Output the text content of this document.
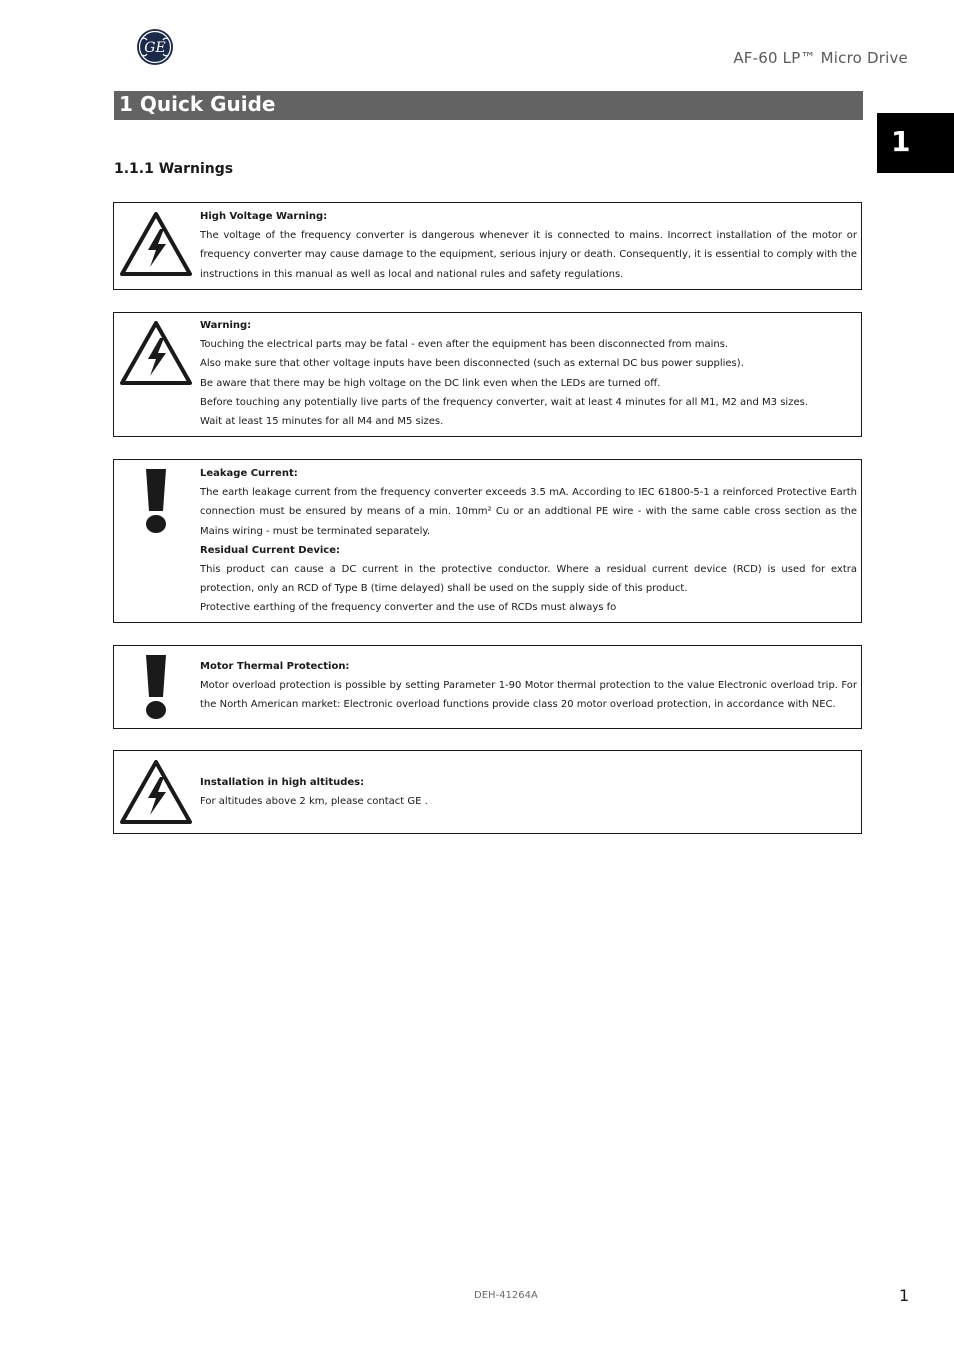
GE
AF-60 LP™ Micro Drive
1 Quick Guide
1
1.1.1 Warnings
High Voltage Warning:
The voltage of the frequency converter is dangerous whenever it is connected to mains. Incorrect installation of the motor or frequency converter may cause damage to the equipment, serious injury or death. Consequently, it is essential to comply with the instructions in this manual as well as local and national rules and safety regulations.
Warning:
Touching the electrical parts may be fatal - even after the equipment has been disconnected from mains.
Also make sure that other voltage inputs have been disconnected (such as external DC bus power supplies).
Be aware that there may be high voltage on the DC link even when the LEDs are turned off.
Before touching any potentially live parts of the frequency converter, wait at least 4 minutes for all M1, M2 and M3 sizes.
Wait at least 15 minutes for all M4 and M5 sizes.
Leakage Current:
The earth leakage current from the frequency converter exceeds 3.5 mA. According to IEC 61800-5-1 a reinforced Protective Earth connection must be ensured by means of a min. 10mm² Cu or an addtional PE wire - with the same cable cross section as the Mains wiring - must be terminated separately.
Residual Current Device:
This product can cause a DC current in the protective conductor. Where a residual current device (RCD) is used for extra protection, only an RCD of Type B (time delayed) shall be used on the supply side of this product.
Protective earthing of the frequency converter and the use of RCDs must always fo
Motor Thermal Protection:
Motor overload protection is possible by setting Parameter 1-90 Motor thermal protection to the value Electronic overload trip. For the North American market: Electronic overload functions provide class 20 motor overload protection, in accordance with NEC.
Installation in high altitudes:
For altitudes above 2 km, please contact GE .
DEH-41264A	1
